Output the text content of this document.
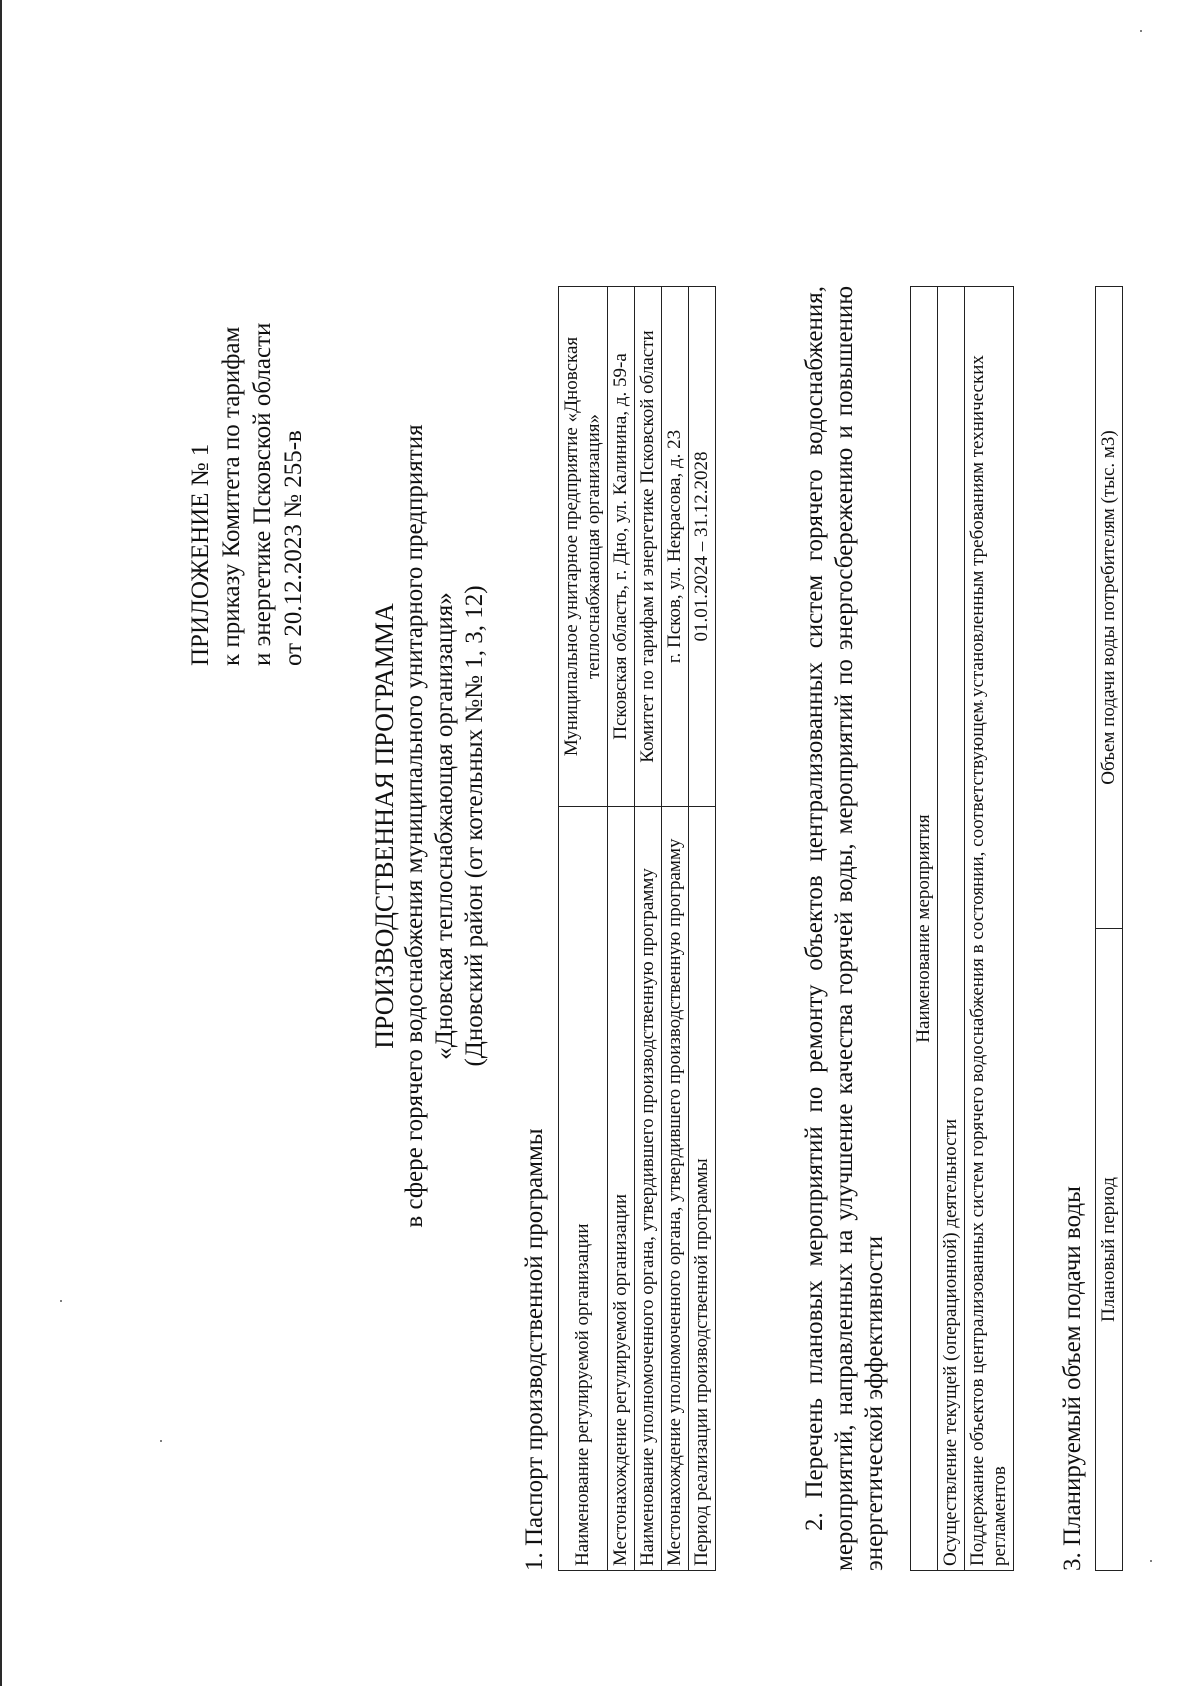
ПРИЛОЖЕНИЕ № 1 к приказу Комитета по тарифам и энергетике Псковской области от 20.12.2023 № 255-в
ПРОИЗВОДСТВЕННАЯ ПРОГРАММА в сфере горячего водоснабжения муниципального унитарного предприятия «Дновская теплоснабжающая организация» (Дновский район (от котельных №№ 1, 3, 12)
1. Паспорт производственной программы Наименование регулируемой организации	Муниципальное унитарное предприятие «Дновская теплоснабжающая организация»
Местонахождение регулируемой организации	Псковская область, г. Дно, ул. Калинина, д. 59-а
Наименование уполномоченного органа, утвердившего производственную программу	Комитет по тарифам и энергетике Псковской области
Местонахождение уполномоченного органа, утвердившего производственную программу	г. Псков, ул. Некрасова, д. 23
Период реализации производственной программы	01.01.2024 – 31.12.2028	2. Перечень плановых мероприятий по ремонту объектов централизованных систем горячего водоснабжения, мероприятий, направленных на улучшение качества горячей воды, мероприятий по энергосбережению и повышению энергетической эффективности
Наименование мероприятия
Осуществление текущей (операционной) деятельности
Поддержание объектов централизованных систем горячего водоснабжения в состоянии, соответствующем установленным требованиям технических регламентов 3. Планируемый объем подачи воды Плановый период	Объем подачи воды потребителям (тыс. м3)
